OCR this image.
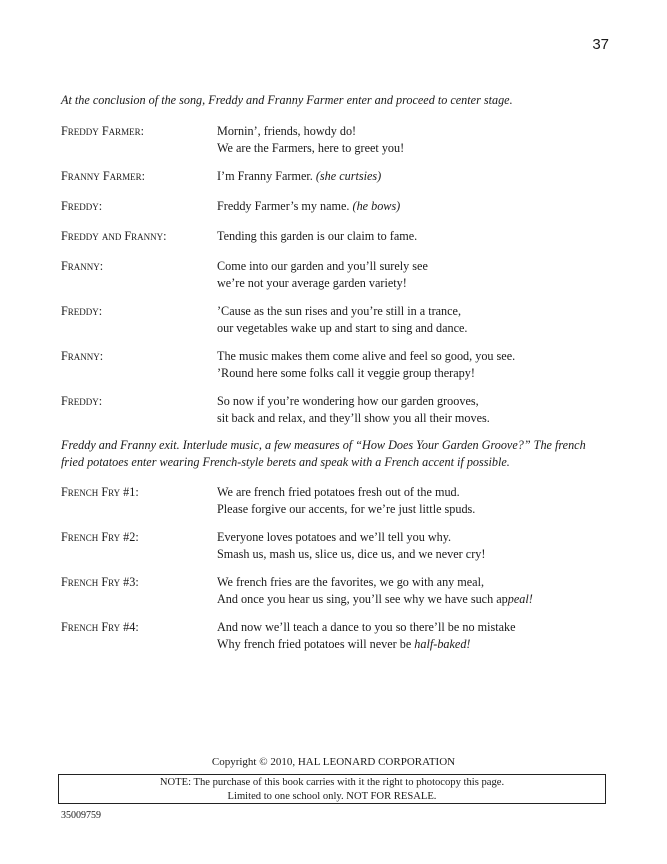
37
At the conclusion of the song, Freddy and Franny Farmer enter and proceed to center stage.
Freddy Farmer:	Mornin’, friends, howdy do!
We are the Farmers, here to greet you!
Franny Farmer:	I’m Franny Farmer. (she curtsies)
Freddy:	Freddy Farmer’s my name. (he bows)
Freddy and Franny:	Tending this garden is our claim to fame.
Franny:	Come into our garden and you’ll surely see
we’re not your average garden variety!
Freddy:	’Cause as the sun rises and you’re still in a trance,
our vegetables wake up and start to sing and dance.
Franny:	The music makes them come alive and feel so good, you see.
’Round here some folks call it veggie group therapy!
Freddy:	So now if you’re wondering how our garden grooves,
sit back and relax, and they’ll show you all their moves.
Freddy and Franny exit. Interlude music, a few measures of “How Does Your Garden Groove?” The french fried potatoes enter wearing French-style berets and speak with a French accent if possible.
French Fry #1:	We are french fried potatoes fresh out of the mud.
Please forgive our accents, for we’re just little spuds.
French Fry #2:	Everyone loves potatoes and we’ll tell you why.
Smash us, mash us, slice us, dice us, and we never cry!
French Fry #3:	We french fries are the favorites, we go with any meal,
And once you hear us sing, you’ll see why we have such appeal!
French Fry #4:	And now we’ll teach a dance to you so there’ll be no mistake
Why french fried potatoes will never be half-baked!
Copyright © 2010, HAL LEONARD CORPORATION
NOTE: The purchase of this book carries with it the right to photocopy this page.
Limited to one school only. NOT FOR RESALE.
35009759
